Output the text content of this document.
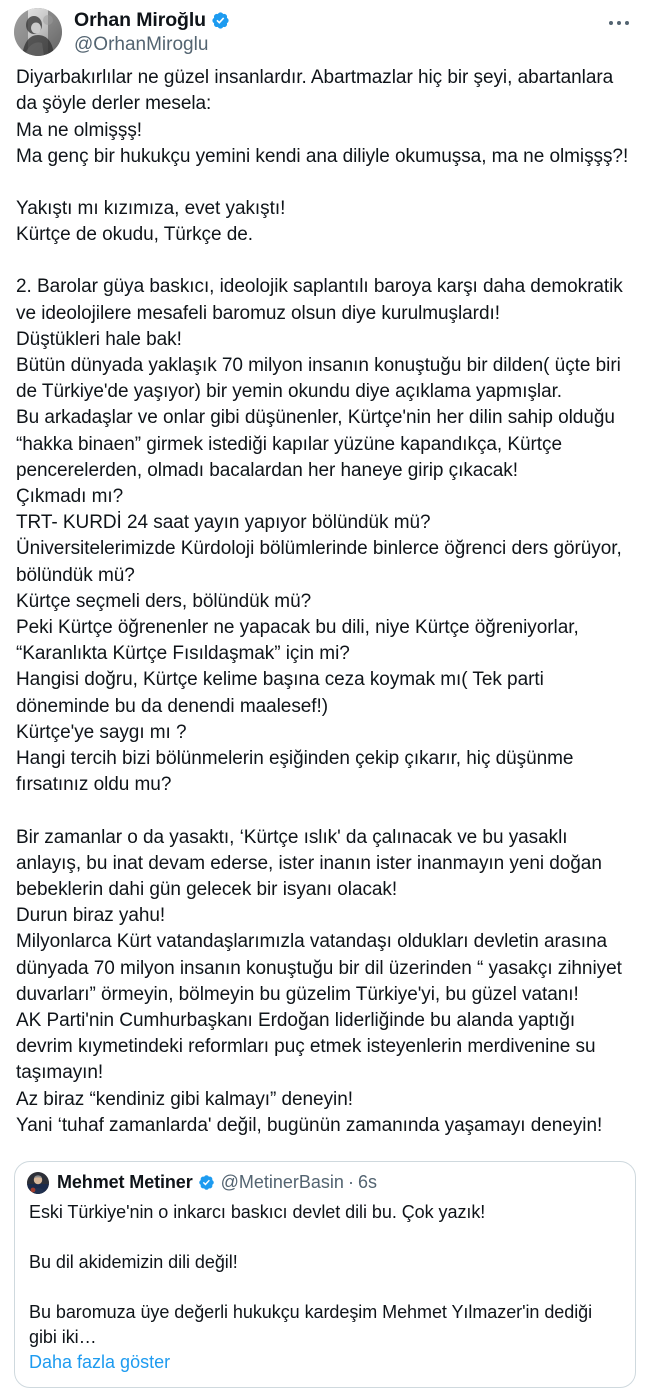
Orhan Miroğlu
@OrhanMiroglu

Diyarbakırlılar ne güzel insanlardır. Abartmazlar hiç bir şeyi, abartanlara da şöyle derler mesela:
Ma ne olmişşş!
Ma genç bir hukukçu yemini kendi ana diliyle okumuşsa, ma ne olmişşş?!

Yakıştı mı kızımıza, evet yakıştı!
Kürtçe de okudu, Türkçe de.

2. Barolar güya baskıcı, ideolojik saplantılı baroya karşı daha demokratik ve ideolojilere mesafeli baromuz olsun diye kurulmuşlardı!
Düştükleri hale bak!
Bütün dünyada yaklaşık 70 milyon insanın konuştuğu bir dilden( üçte biri de Türkiye'de yaşıyor) bir yemin okundu diye açıklama yapmışlar.
Bu arkadaşlar ve onlar gibi düşünenler, Kürtçe'nin her dilin sahip olduğu “hakka binaen” girmek istediği kapılar yüzüne kapandıkça, Kürtçe pencerelerden, olmadı bacalardan her haneye girip çıkacak!
Çıkmadı mı?
TRT- KURDİ 24 saat yayın yapıyor bölündük mü?
Üniversitelerimizde Kürdoloji bölümlerinde binlerce öğrenci ders görüyor, bölündük mü?
Kürtçe seçmeli ders, bölündük mü?
Peki Kürtçe öğrenenler ne yapacak bu dili, niye Kürtçe öğreniyorlar, “Karanlıkta Kürtçe Fısıldaşmak” için mi?
Hangisi doğru, Kürtçe kelime başına ceza koymak mı( Tek parti döneminde bu da denendi maalesef!)
Kürtçe'ye saygı mı ?
Hangi tercih bizi bölünmelerin eşiğinden çekip çıkarır, hiç düşünme fırsatınız oldu mu?

Bir zamanlar o da yasaktı, ‘Kürtçe ıslık' da çalınacak ve bu yasaklı anlayış, bu inat devam ederse, ister inanın ister inanmayın yeni doğan bebeklerin dahi gün gelecek bir isyanı olacak!
Durun biraz yahu!
Milyonlarca Kürt vatandaşlarımızla vatandaşı oldukları devletin arasına dünyada 70 milyon insanın konuştuğu bir dil üzerinden “ yasakçı zihniyet duvarları” örmeyin, bölmeyin bu güzelim Türkiye'yi, bu güzel vatanı!
AK Parti'nin Cumhurbaşkanı Erdoğan liderliğinde bu alanda yaptığı devrim kıymetindeki reformları puç etmek isteyenlerin merdivenine su taşımayın!
Az biraz “kendiniz gibi kalmayı” deneyin!
Yani ‘tuhaf zamanlarda' değil, bugünün zamanında yaşamayı deneyin!

Mehmet Metiner @MetinerBasin · 6s

Eski Türkiye'nin o inkarcı baskıcı devlet dili bu. Çok yazık!

Bu dil akidemizin dili değil!

Bu baromuza üye değerli hukukçu kardeşim Mehmet Yılmazer'in dediği gibi iki…

Daha fazla göster
